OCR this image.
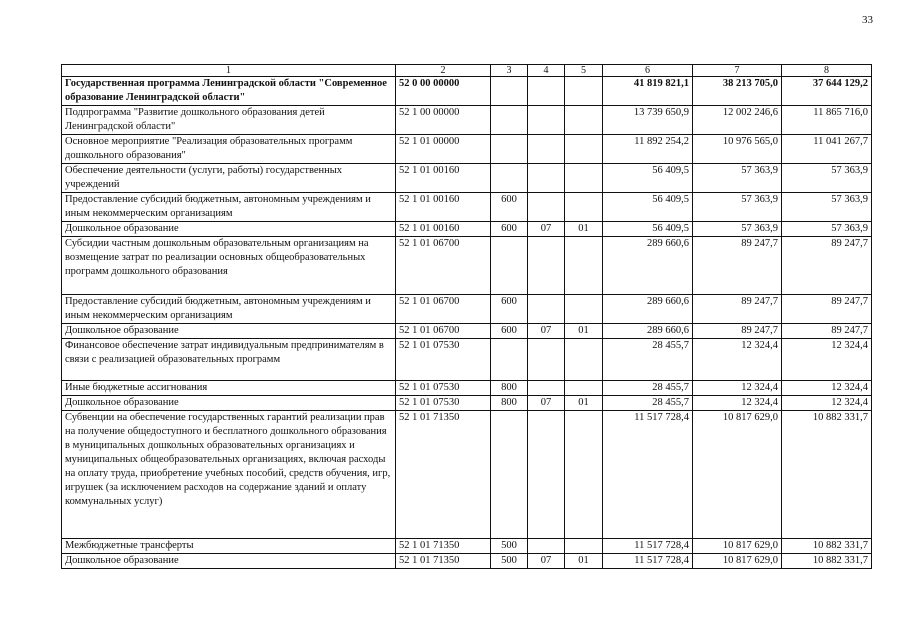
33
1	2	3	4	5	6	7	8
Государственная программа Ленинградской области "Современное образование Ленинградской области"	52 0 00 00000				41 819 821,1	38 213 705,0	37 644 129,2
Подпрограмма "Развитие дошкольного образования детей Ленинградской области"	52 1 00 00000				13 739 650,9	12 002 246,6	11 865 716,0
Основное мероприятие "Реализация образовательных программ дошкольного образования"	52 1 01 00000				11 892 254,2	10 976 565,0	11 041 267,7
Обеспечение деятельности (услуги, работы) государственных учреждений	52 1 01 00160				56 409,5	57 363,9	57 363,9
Предоставление субсидий бюджетным, автономным учреждениям и иным некоммерческим организациям	52 1 01 00160	600			56 409,5	57 363,9	57 363,9
Дошкольное образование	52 1 01 00160	600	07	01	56 409,5	57 363,9	57 363,9
Субсидии частным дошкольным образовательным организациям на возмещение затрат по реализации основных общеобразовательных программ дошкольного образования	52 1 01 06700				289 660,6	89 247,7	89 247,7
Предоставление субсидий бюджетным, автономным учреждениям и иным некоммерческим организациям	52 1 01 06700	600			289 660,6	89 247,7	89 247,7
Дошкольное образование	52 1 01 06700	600	07	01	289 660,6	89 247,7	89 247,7
Финансовое обеспечение затрат индивидуальным предпринимателям в связи с реализацией образовательных программ	52 1 01 07530				28 455,7	12 324,4	12 324,4
Иные бюджетные ассигнования	52 1 01 07530	800			28 455,7	12 324,4	12 324,4
Дошкольное образование	52 1 01 07530	800	07	01	28 455,7	12 324,4	12 324,4
Субвенции на обеспечение государственных гарантий реализации прав на получение общедоступного и бесплатного дошкольного образования в муниципальных дошкольных образовательных организациях и муниципальных общеобразовательных организациях, включая расходы на оплату труда, приобретение учебных пособий, средств обучения, игр, игрушек (за исключением расходов на содержание зданий и оплату коммунальных услуг)	52 1 01 71350				11 517 728,4	10 817 629,0	10 882 331,7
Межбюджетные трансферты	52 1 01 71350	500			11 517 728,4	10 817 629,0	10 882 331,7
Дошкольное образование	52 1 01 71350	500	07	01	11 517 728,4	10 817 629,0	10 882 331,7
